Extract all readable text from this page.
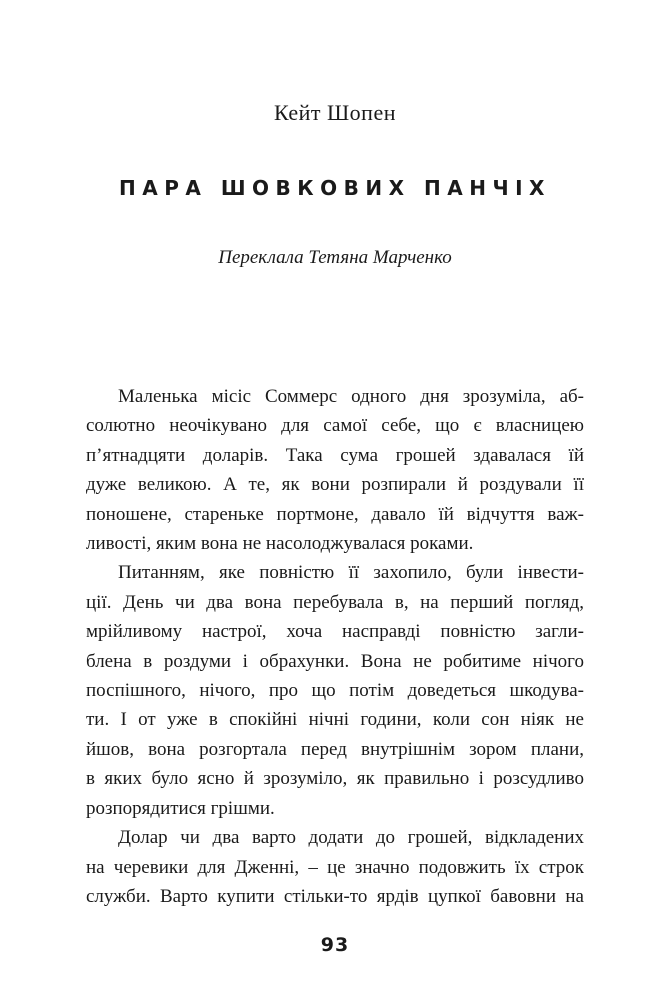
Кейт Шопен
ПАРА ШОВКОВИХ ПАНЧІХ
Переклала Тетяна Марченко
Маленька місіс Соммерс одного дня зрозуміла, аб-
солютно неочікувано для самої себе, що є власницею
п’ятнадцяти доларів. Така сума грошей здавалася їй
дуже великою. А те, як вони розпирали й роздували її
поношене, стареньке портмоне, давало їй відчуття важ-
ливості, яким вона не насолоджувалася роками.
Питанням, яке повністю її захопило, були інвести-
ції. День чи два вона перебувала в, на перший погляд,
мрійливому настрої, хоча насправді повністю загли-
блена в роздуми і обрахунки. Вона не робитиме нічого
поспішного, нічого, про що потім доведеться шкодува-
ти. І от уже в спокійні нічні години, коли сон ніяк не
йшов, вона розгортала перед внутрішнім зором плани,
в яких було ясно й зрозуміло, як правильно і розсудливо
розпорядитися грішми.
Долар чи два варто додати до грошей, відкладених
на черевики для Дженні, – це значно подовжить їх строк
служби. Варто купити стільки-то ярдів цупкої бавовни на
93
